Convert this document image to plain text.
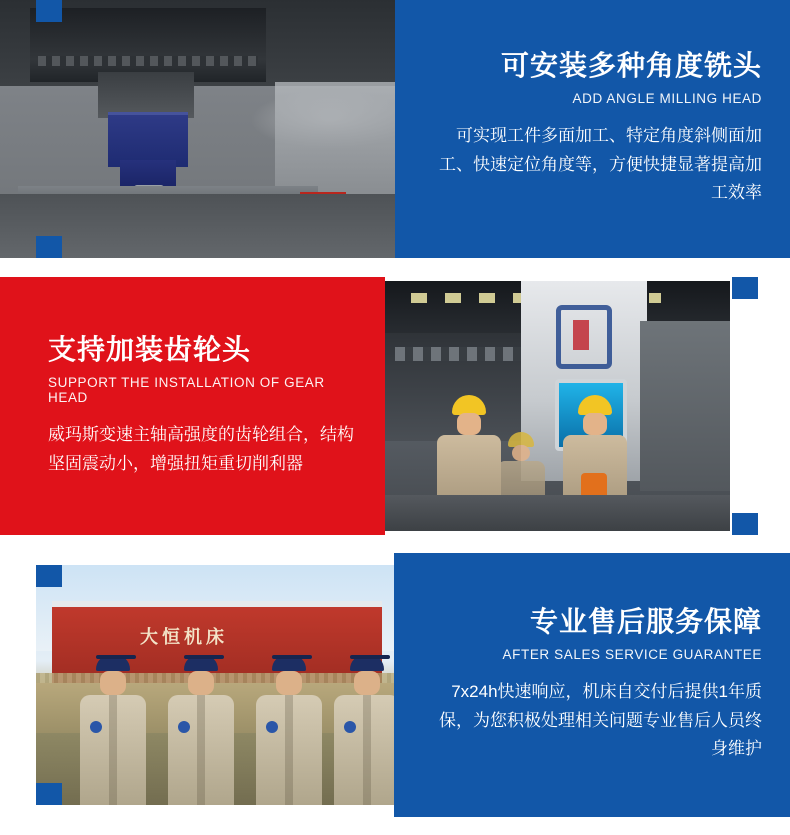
可安装多种角度铣头
ADD ANGLE MILLING HEAD
可实现工件多面加工、特定角度斜侧面加工、快速定位角度等，方便快捷显著提高加工效率
支持加装齿轮头
SUPPORT THE INSTALLATION OF GEAR HEAD
威玛斯变速主轴高强度的齿轮组合，结构坚固震动小，增强扭矩重切削利器
大恒机床	专业售后服务保障
AFTER SALES SERVICE GUARANTEE
7x24h快速响应，机床自交付后提供1年质保，为您积极处理相关问题专业售后人员终身维护
